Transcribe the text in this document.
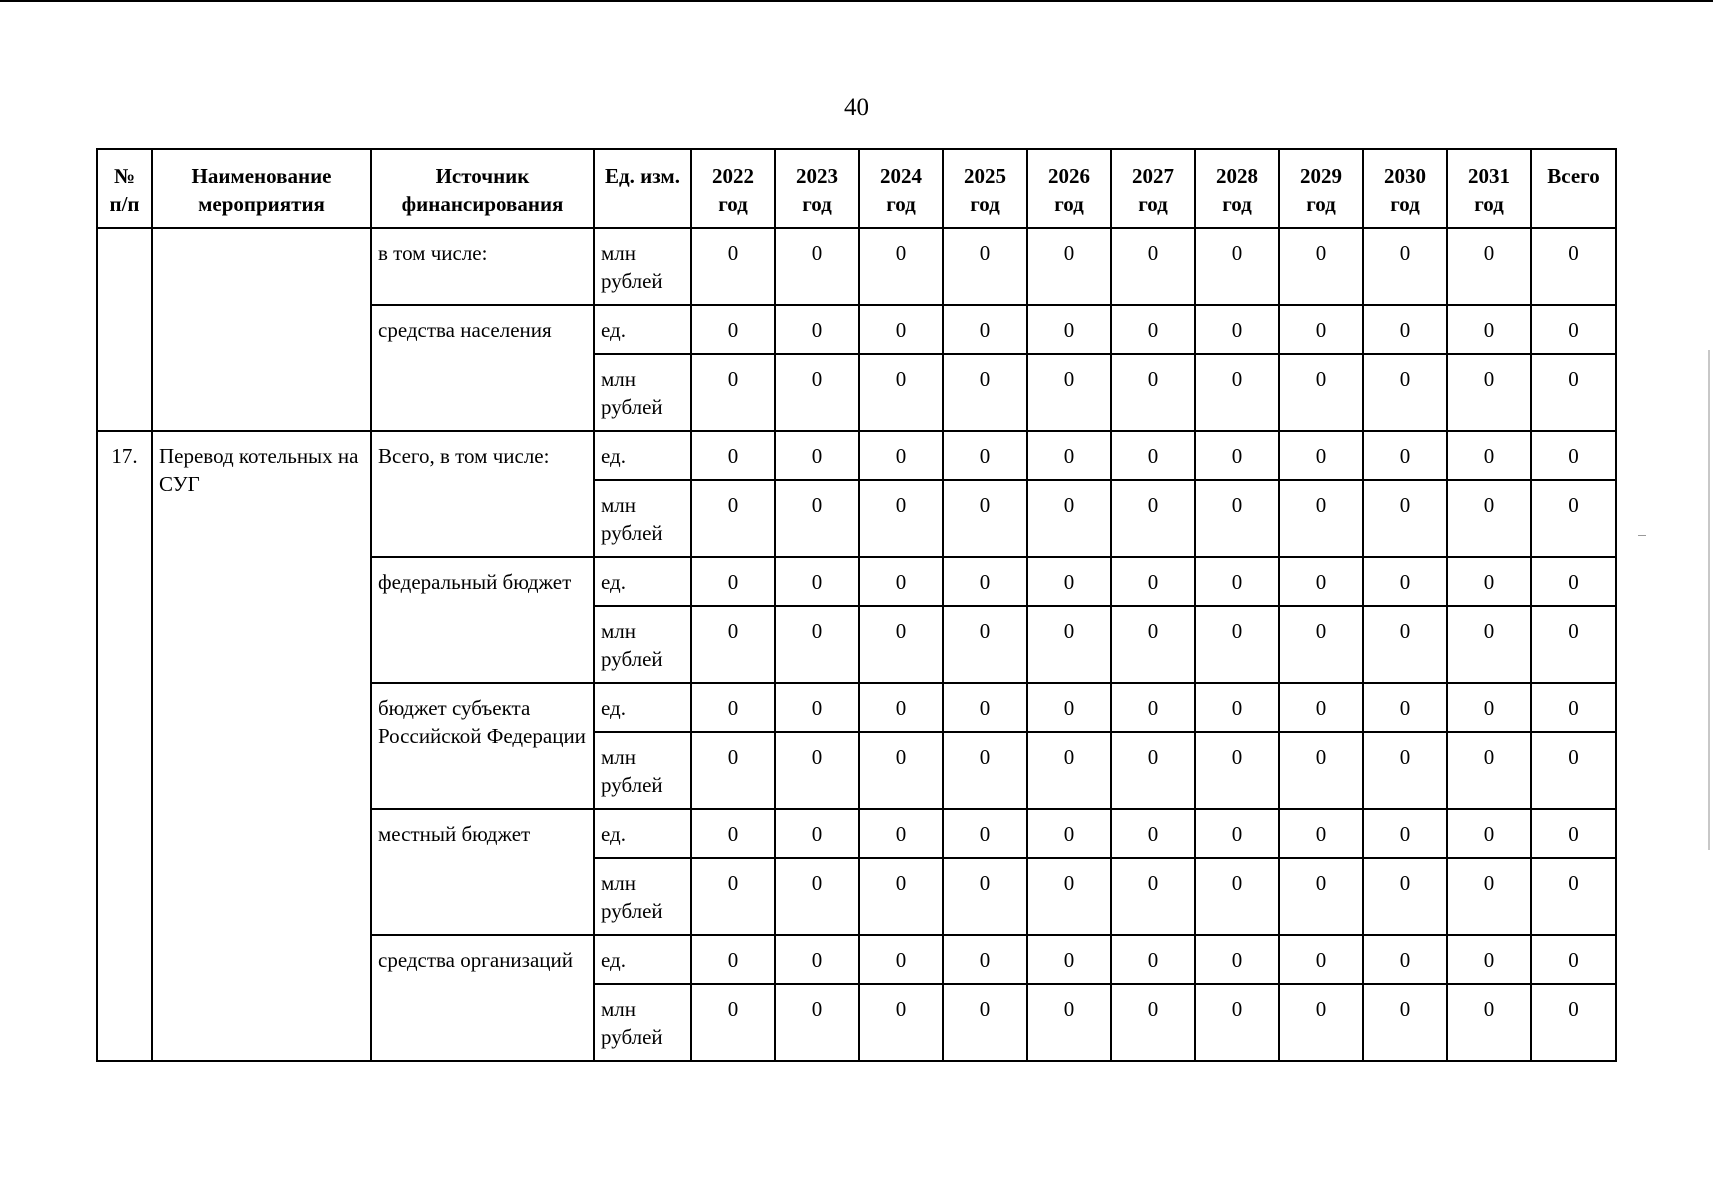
40
№ п/п	Наименование мероприятия	Источник финансирования	Ед. изм.	2022 год	2023 год	2024 год	2025 год	2026 год	2027 год	2028 год	2029 год	2030 год	2031 год	Всего
		в том числе:	млн рублей	0	0	0	0	0	0	0	0	0	0	0
		средства населения	ед.	0	0	0	0	0	0	0	0	0	0	0
			млн рублей	0	0	0	0	0	0	0	0	0	0	0
17.	Перевод котельных на СУГ	Всего, в том числе:	ед.	0	0	0	0	0	0	0	0	0	0	0
			млн рублей	0	0	0	0	0	0	0	0	0	0	0
		федеральный бюджет	ед.	0	0	0	0	0	0	0	0	0	0	0
			млн рублей	0	0	0	0	0	0	0	0	0	0	0
		бюджет субъекта Российской Федерации	ед.	0	0	0	0	0	0	0	0	0	0	0
			млн рублей	0	0	0	0	0	0	0	0	0	0	0
		местный бюджет	ед.	0	0	0	0	0	0	0	0	0	0	0
			млн рублей	0	0	0	0	0	0	0	0	0	0	0
		средства организаций	ед.	0	0	0	0	0	0	0	0	0	0	0
			млн рублей	0	0	0	0	0	0	0	0	0	0	0
